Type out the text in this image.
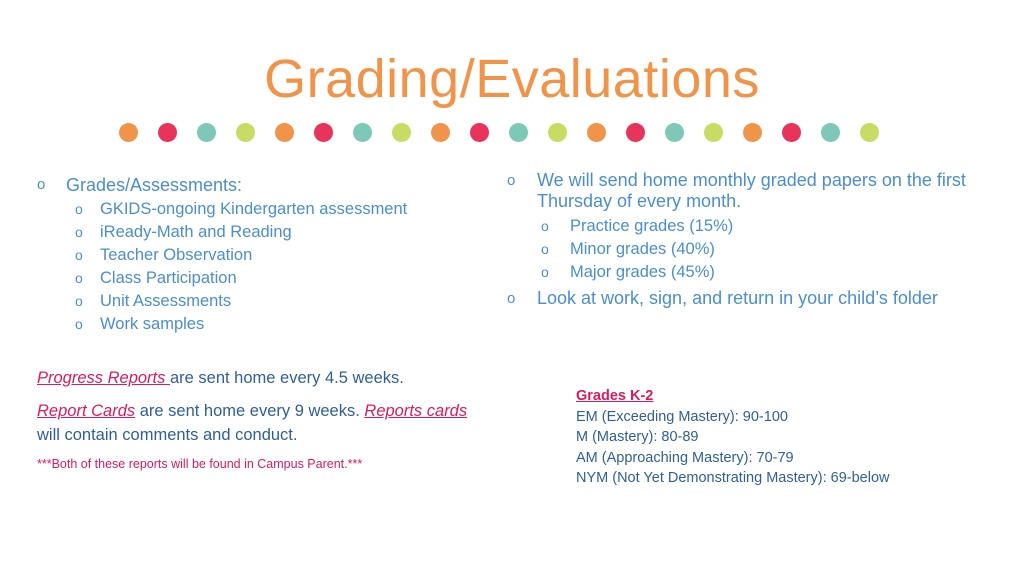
Grading/Evaluations
o Grades/Assessments:
o GKIDS-ongoing Kindergarten assessment
o iReady-Math and Reading
o Teacher Observation
o Class Participation
o Unit Assessments
o Work samples
o We will send home monthly graded papers on the first Thursday of every month.
o Practice grades (15%)
o Minor grades (40%)
o Major grades (45%)
o Look at work, sign, and return in your child’s folder

Progress Reports are sent home every 4.5 weeks.

Report Cards are sent home every 9 weeks. Reports cards
will contain comments and conduct.

***Both of these reports will be found in Campus Parent.***

Grades K-2
EM (Exceeding Mastery): 90-100
M (Mastery): 80-89
AM (Approaching Mastery): 70-79
NYM (Not Yet Demonstrating Mastery): 69-below
